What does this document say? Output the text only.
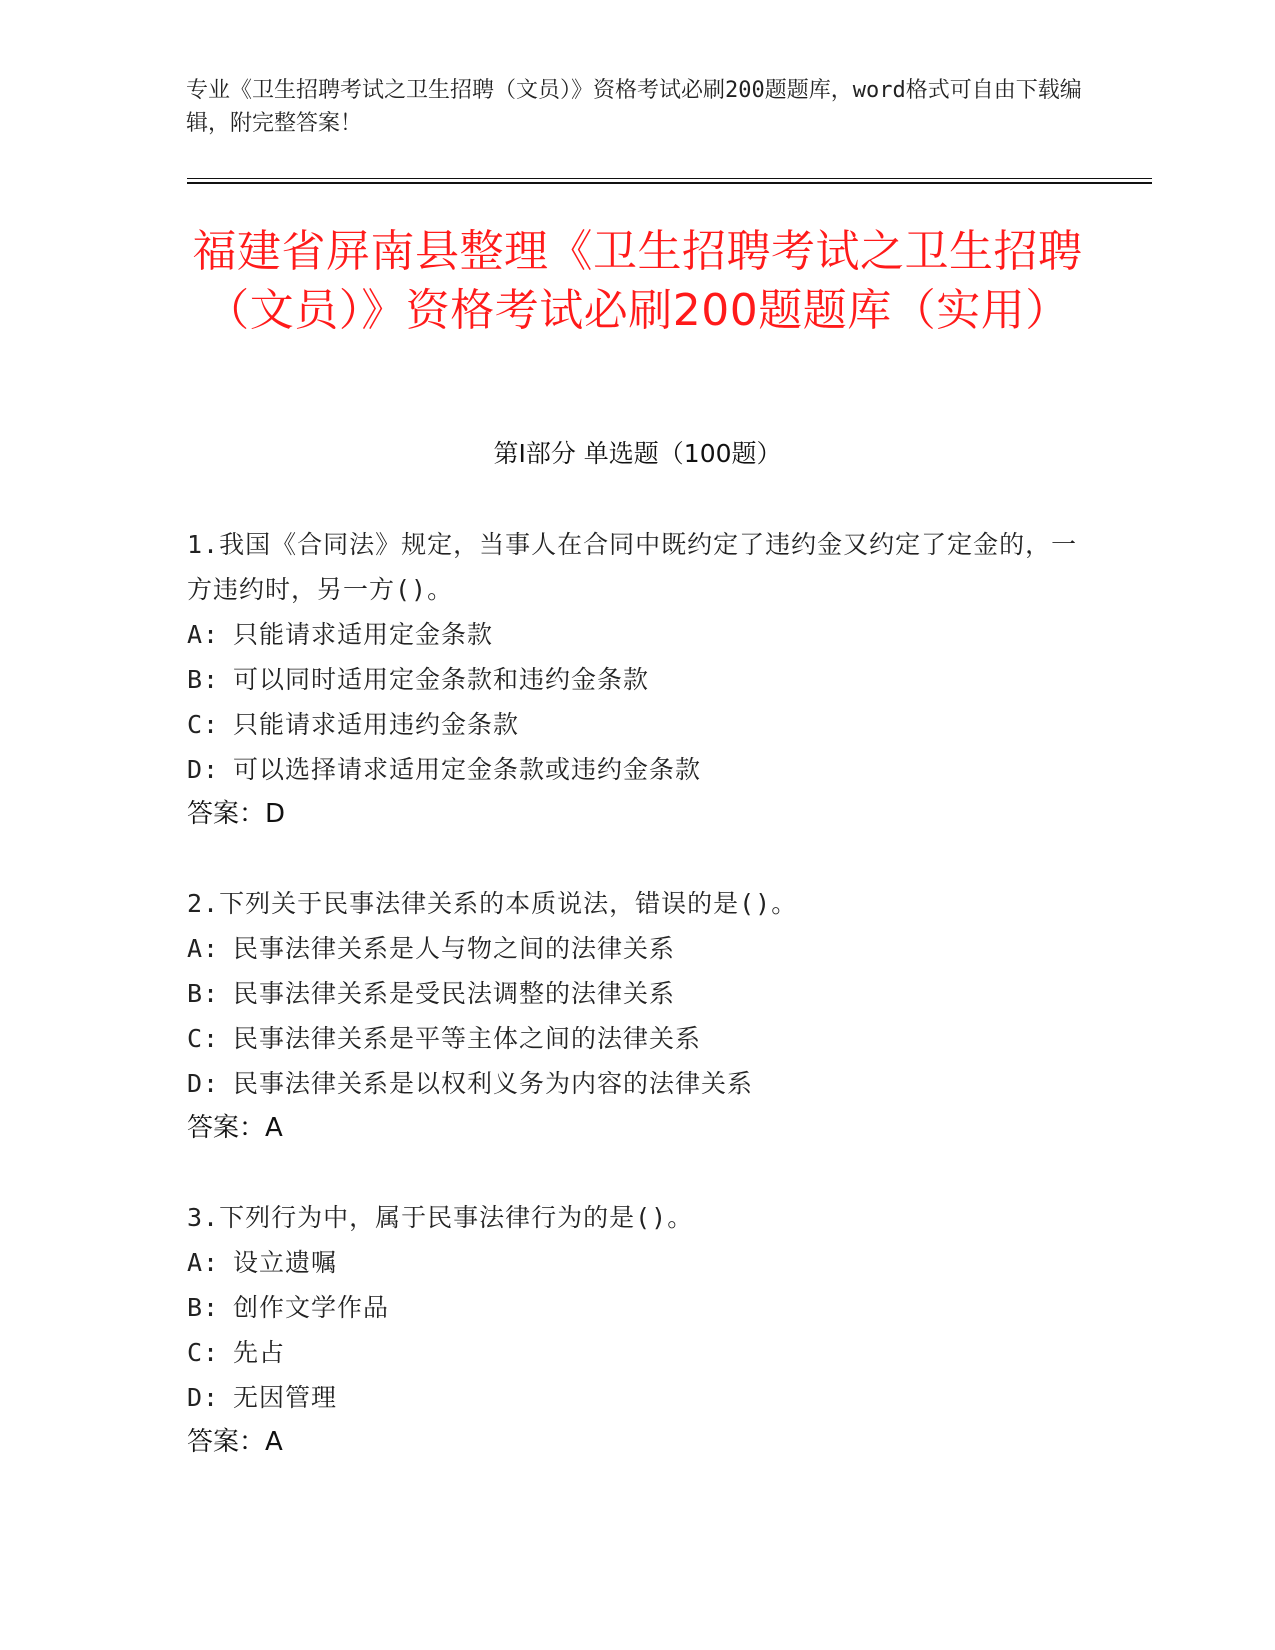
专业《卫生招聘考试之卫生招聘（文员）》资格考试必刷200题题库，word格式可自由下载编辑，附完整答案！
福建省屏南县整理《卫生招聘考试之卫生招聘（文员）》资格考试必刷200题题库（实用）
第I部分 单选题（100题）
1.我国《合同法》规定，当事人在合同中既约定了违约金又约定了定金的，一方违约时，另一方()。
A: 只能请求适用定金条款
B: 可以同时适用定金条款和违约金条款
C: 只能请求适用违约金条款
D: 可以选择请求适用定金条款或违约金条款
答案：D
2.下列关于民事法律关系的本质说法，错误的是()。
A: 民事法律关系是人与物之间的法律关系
B: 民事法律关系是受民法调整的法律关系
C: 民事法律关系是平等主体之间的法律关系
D: 民事法律关系是以权利义务为内容的法律关系
答案：A
3.下列行为中，属于民事法律行为的是()。
A: 设立遗嘱
B: 创作文学作品
C: 先占
D: 无因管理
答案：A
